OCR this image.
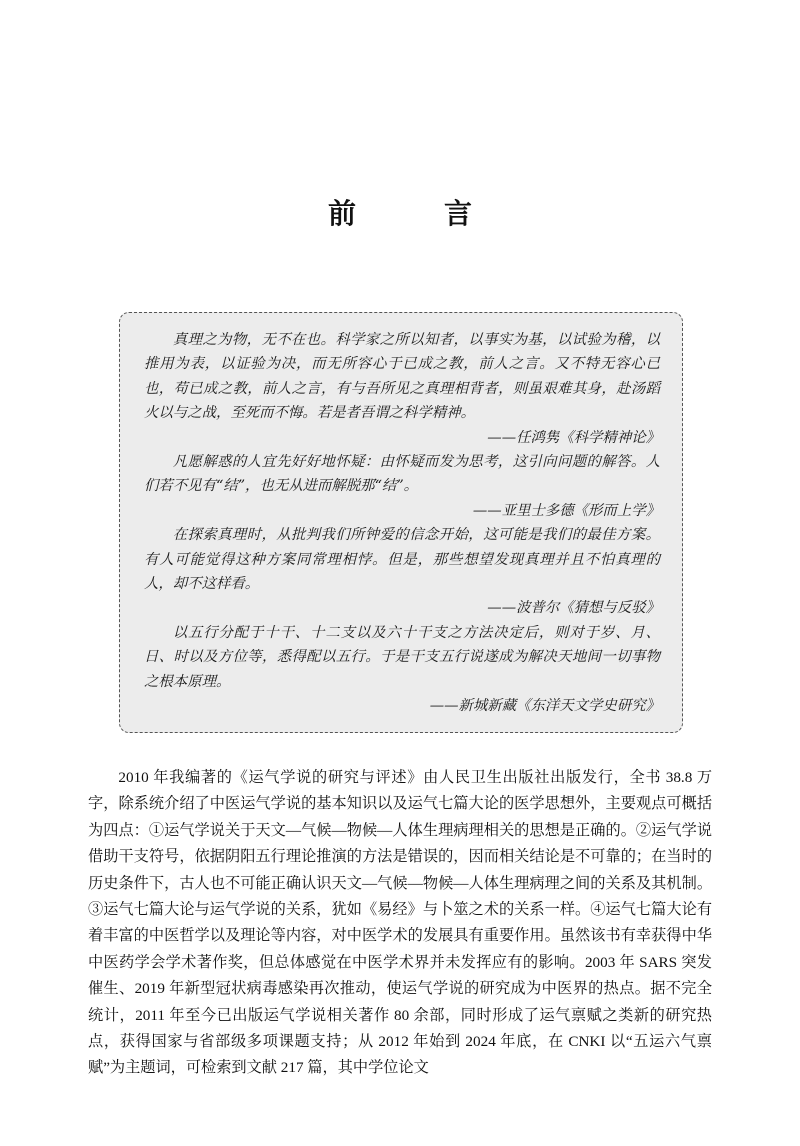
前　言

真理之为物，无不在也。科学家之所以知者，以事实为基，以试验为稽，以推用为表，以证验为决，而无所容心于已成之教，前人之言。又不特无容心已也，苟已成之教，前人之言，有与吾所见之真理相背者，则虽艰难其身，赴汤蹈火以与之战，至死而不悔。若是者吾谓之科学精神。

——任鸿隽《科学精神论》

凡愿解惑的人宜先好好地怀疑：由怀疑而发为思考，这引向问题的解答。人们若不见有“结”，也无从进而解脱那“结”。

——亚里士多德《形而上学》

在探索真理时，从批判我们所钟爱的信念开始，这可能是我们的最佳方案。有人可能觉得这种方案同常理相悖。但是，那些想望发现真理并且不怕真理的人，却不这样看。

——波普尔《猜想与反驳》

以五行分配于十干、十二支以及六十干支之方法决定后，则对于岁、月、日、时以及方位等，悉得配以五行。于是干支五行说遂成为解决天地间一切事物之根本原理。

——新城新藏《东洋天文学史研究》

2010 年我编著的《运气学说的研究与评述》由人民卫生出版社出版发行，全书 38.8 万字，除系统介绍了中医运气学说的基本知识以及运气七篇大论的医学思想外，主要观点可概括为四点：①运气学说关于天文—气候—物候—人体生理病理相关的思想是正确的。②运气学说借助干支符号，依据阴阳五行理论推演的方法是错误的，因而相关结论是不可靠的；在当时的历史条件下，古人也不可能正确认识天文—气候—物候—人体生理病理之间的关系及其机制。③运气七篇大论与运气学说的关系，犹如《易经》与卜筮之术的关系一样。④运气七篇大论有着丰富的中医哲学以及理论等内容，对中医学术的发展具有重要作用。虽然该书有幸获得中华中医药学会学术著作奖，但总体感觉在中医学术界并未发挥应有的影响。2003 年 SARS 突发催生、2019 年新型冠状病毒感染再次推动，使运气学说的研究成为中医界的热点。据不完全统计，2011 年至今已出版运气学说相关著作 80 余部，同时形成了运气禀赋之类新的研究热点，获得国家与省部级多项课题支持；从 2012 年始到 2024 年底，在 CNKI 以“五运六气禀赋”为主题词，可检索到文献 217 篇，其中学位论文
